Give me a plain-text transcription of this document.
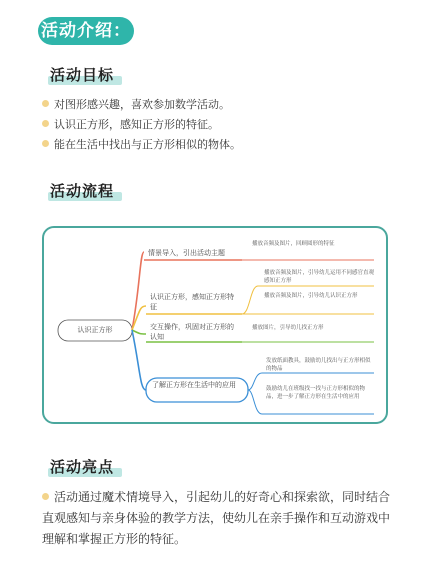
活动介绍：
活动目标
对图形感兴趣，喜欢参加数学活动。
认识正方形，感知正方形的特征。
能在生活中找出与正方形相似的物体。
活动流程
认识正方形
情景导入，引出活动主题
认识正方形，感知正方形特征
交互操作，巩固对正方形的认知
了解正方形在生活中的应用
播放音频及图片，回顾圆形的特征
播放音频及图片，引导幼儿运用不同感官直观感知正方形
播放音频及图片，引导幼儿认识正方形
播放图片，引导幼儿找正方形
发放纸面教具，鼓励幼儿找出与正方形相似的物品
鼓励幼儿在班级找一找与正方形相似的物品，进一步了解正方形在生活中的应用
活动亮点
活动通过魔术情境导入，引起幼儿的好奇心和探索欲，同时结合直观感知与亲身体验的教学方法，使幼儿在亲手操作和互动游戏中理解和掌握正方形的特征。
